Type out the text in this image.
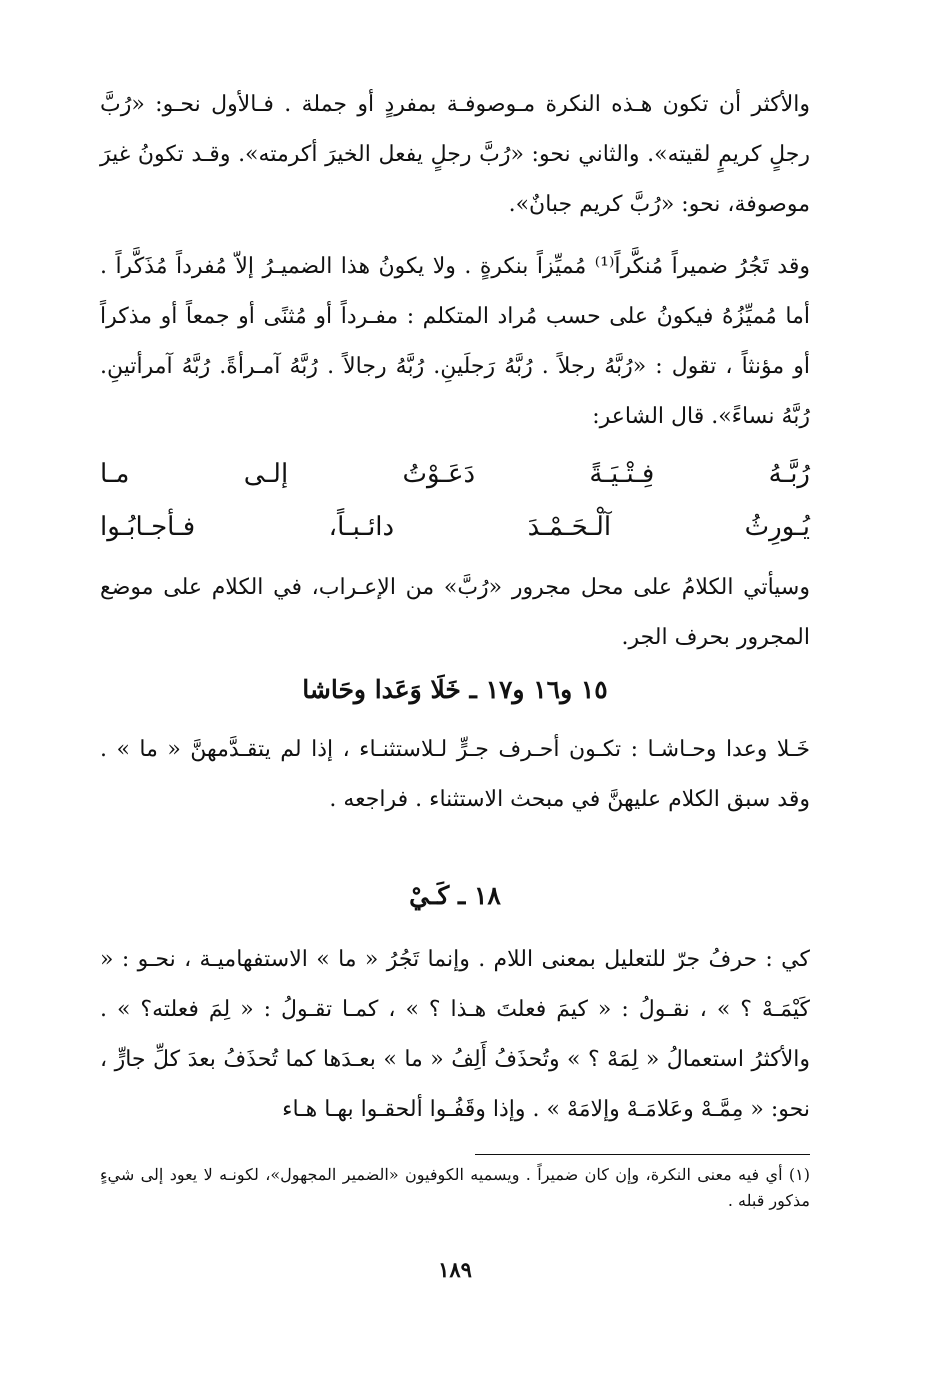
والأكثر أن تكون هـذه النكرة مـوصوفـة بمفردٍ أو جملة . فـالأول نحـو: «رُبَّ رجلٍ كريمٍ لقيته». والثاني نحو: «رُبَّ رجلٍ يفعل الخيرَ أكرمته». وقـد تكونُ غيرَ موصوفة، نحو: «رُبَّ كريم جبانٌ».

وقد تَجُرُ ضميراً مُنكَّراً⁽¹⁾ مُميِّزاً بنكرةٍ . ولا يكونُ هذا الضميـرُ إلاّ مُفرداً مُذَكَّراً . أما مُميِّزُهُ فيكونُ على حسب مُراد المتكلم : مفـرداً أو مُثنًى أو جمعاً أو مذكراً أو مؤنثاً ، تقول : «رُبَّهُ رجلاً . رُبَّهُ رَجلَينِ. رُبَّهُ رجالاً . رُبَّهُ آمـرأةً. رُبَّهُ آمرأتينِ. رُبَّهُ نساءً». قال الشاعر:

رُبَّـهُ
فِـتْـيَـةً
دَعَـوْتُ
إلـى
مـا
يُـورِثُ
آلْـحَـمْـدَ
دائـبـاً،
فـأجـابُـوا

وسيأتي الكلامُ على محل مجرور «رُبَّ» من الإعـراب، في الكلام على موضع المجرور بحرف الجر.

١٥ و١٦ و١٧ ـ خَلَا وَعَدا وحَاشا

خَـلا وعدا وحـاشـا : تكـون أحـرف جـرٍّ لـلاستثنـاء ، إذا لم يتقـدَّمهنَّ « ما » . وقد سبق الكلام عليهنَّ في مبحث الاستثناء . فراجعه .

١٨ ـ كَـيْ

كي : حرفُ جرّ للتعليل بمعنى اللام . وإنما تَجُرُ « ما » الاستفهاميـة ، نحـو : « كَيْمَـهْ ؟ » ، نقـولُ : « كيمَ فعلتَ هـذا ؟ » ، كمـا تقـولُ : « لِمَ فعلته؟ » . والأكثرُ استعمالُ « لِمَهْ ؟ » وتُحذَفُ أَلِفُ « ما » بعـدَها كما تُحذَفُ بعدَ كلِّ جارٍّ ، نحو: « مِمَّـهْ وعَلامَـهْ وإلامَهْ » . وإذا وقَفُـوا ألحقـوا بهـا هـاء

(١) أي فيه معنى النكرة، وإن كان ضميراً . ويسميه الكوفيون «الضمير المجهول»، لكونـه لا يعود إلى شيءٍ مذكور قبله .

١٨٩
